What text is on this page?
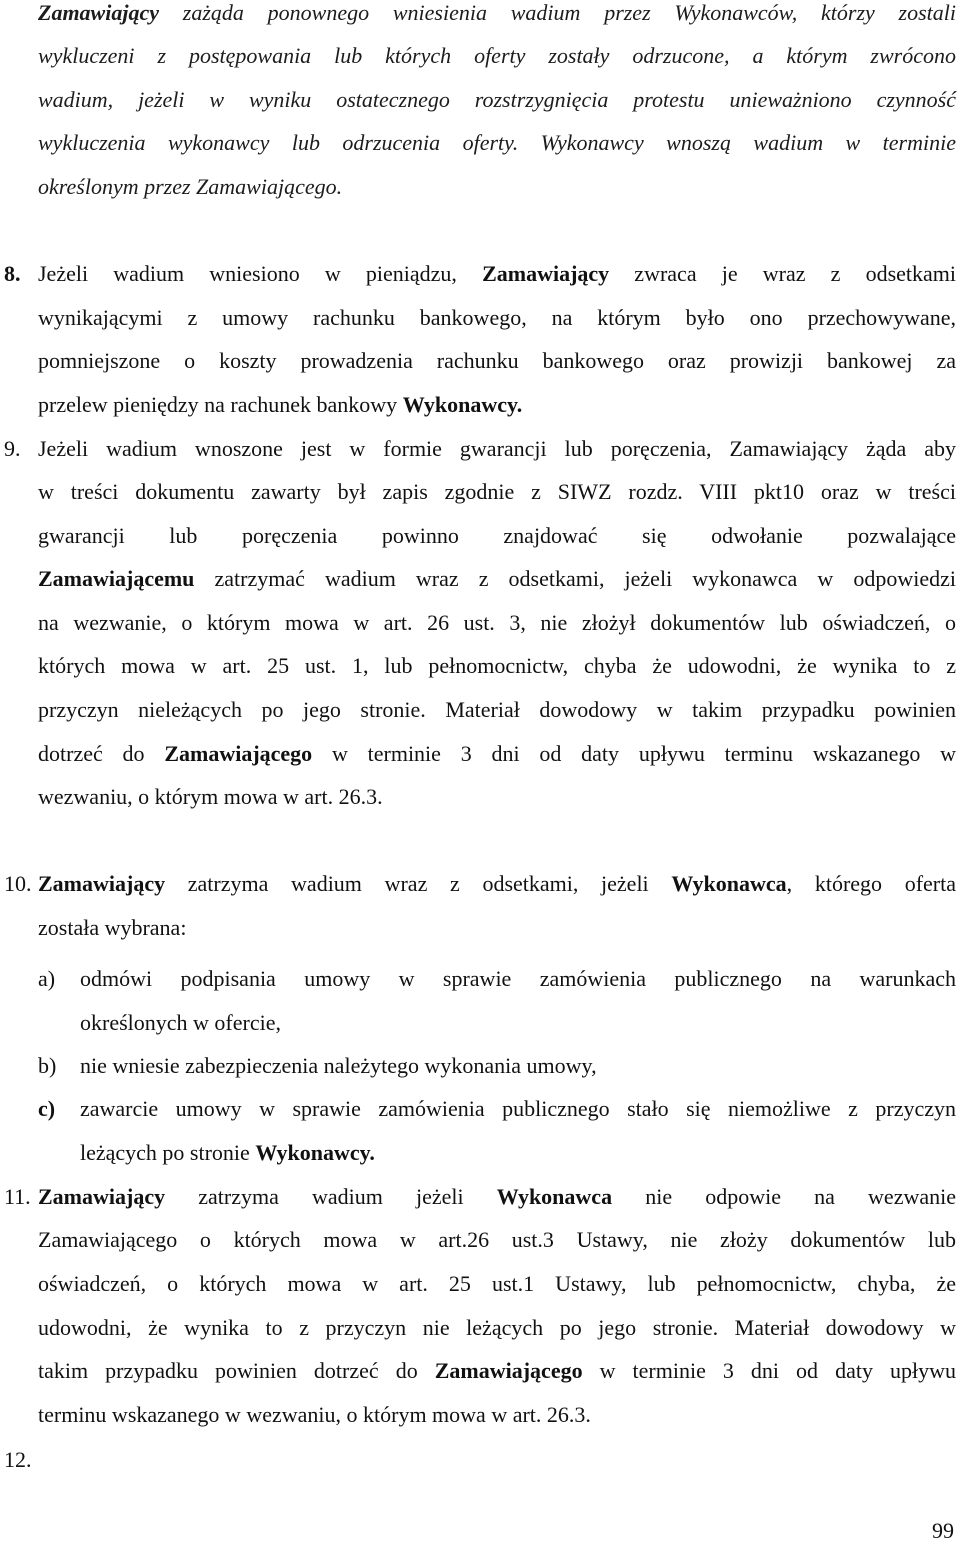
Zamawiający zażąda ponownego wniesienia wadium przez Wykonawców, którzy zostali
wykluczeni z postępowania lub których oferty zostały odrzucone, a którym zwrócono
wadium, jeżeli w wyniku ostatecznego rozstrzygnięcia protestu unieważniono czynność
wykluczenia wykonawcy lub odrzucenia oferty. Wykonawcy wnoszą wadium w terminie
określonym przez Zamawiającego.
8. Jeżeli wadium wniesiono w pieniądzu, Zamawiający zwraca je wraz z odsetkami
wynikającymi z umowy rachunku bankowego, na którym było ono przechowywane,
pomniejszone o koszty prowadzenia rachunku bankowego oraz prowizji bankowej za
przelew pieniędzy na rachunek bankowy Wykonawcy.
9. Jeżeli wadium wnoszone jest w formie gwarancji lub poręczenia, Zamawiający żąda aby
w treści dokumentu zawarty był zapis zgodnie z SIWZ rozdz. VIII pkt10 oraz w treści
gwarancji lub poręczenia powinno znajdować się odwołanie pozwalające
Zamawiającemu zatrzymać wadium wraz z odsetkami, jeżeli wykonawca w odpowiedzi
na wezwanie, o którym mowa w art. 26 ust. 3, nie złożył dokumentów lub oświadczeń, o
których mowa w art. 25 ust. 1, lub pełnomocnictw, chyba że udowodni, że wynika to z
przyczyn nieleżących po jego stronie. Materiał dowodowy w takim przypadku powinien
dotrzeć do Zamawiającego w terminie 3 dni od daty upływu terminu wskazanego w
wezwaniu, o którym mowa w art. 26.3.
10. Zamawiający zatrzyma wadium wraz z odsetkami, jeżeli Wykonawca, którego oferta
została wybrana:
a) odmówi podpisania umowy w sprawie zamówienia publicznego na warunkach
określonych w ofercie,
b) nie wniesie zabezpieczenia należytego wykonania umowy,
c) zawarcie umowy w sprawie zamówienia publicznego stało się niemożliwe z przyczyn
leżących po stronie Wykonawcy.
11. Zamawiający zatrzyma wadium jeżeli Wykonawca nie odpowie na wezwanie
Zamawiającego o których mowa w art.26 ust.3 Ustawy, nie złoży dokumentów lub
oświadczeń, o których mowa w art. 25 ust.1 Ustawy, lub pełnomocnictw, chyba, że
udowodni, że wynika to z przyczyn nie leżących po jego stronie. Materiał dowodowy w
takim przypadku powinien dotrzeć do Zamawiającego w terminie 3 dni od daty upływu
terminu wskazanego w wezwaniu, o którym mowa w art. 26.3.
12.
99
